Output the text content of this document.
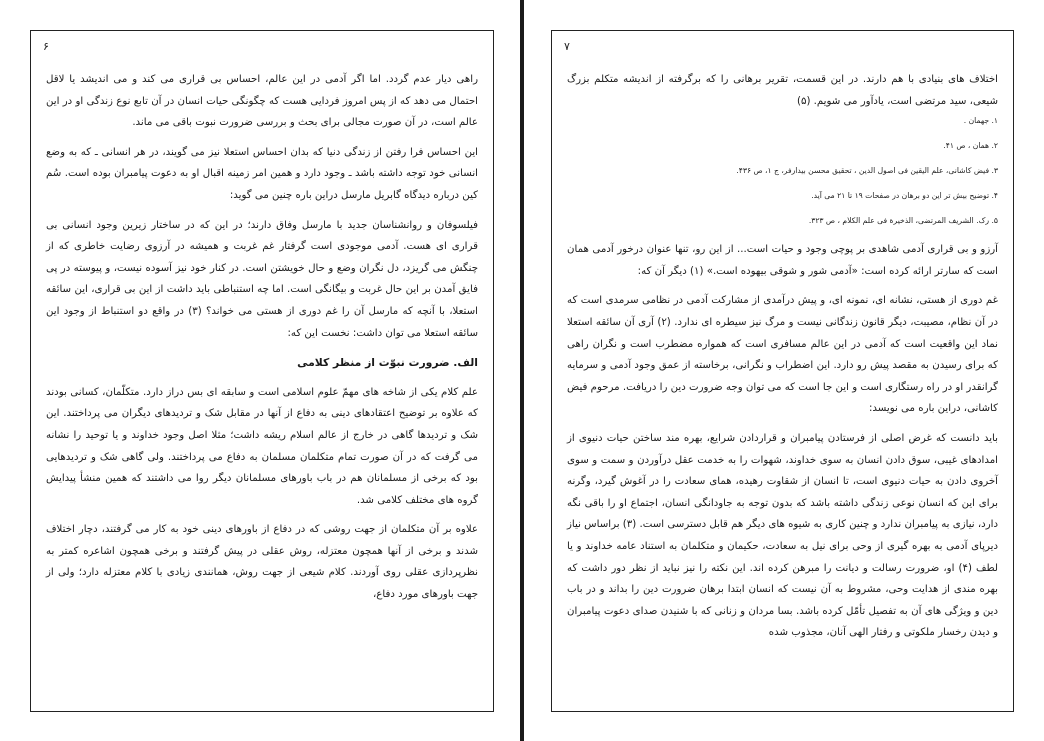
۶

راهی دیار عدم گردد. اما اگر آدمی در این عالم، احساس بی قراری می کند و می اندیشد یا لاقل احتمال می دهد که از پس امروز فردایی هست که چگونگی حیات انسان در آن تابع نوع زندگی او در این عالم است، در آن صورت مجالی برای بحث و بررسی ضرورت نبوت باقی می ماند.

این احساس فرا رفتن از زندگی دنیا که بدان احساس استعلا نیز می گویند، در هر انسانی ـ که به وضع انسانی خود توجه داشته باشد ـ وجود دارد و همین امر زمینه اقبال او به دعوت پیامبران بوده است. سُم کین درباره دیدگاه گابریل مارسل دراین باره چنین می گوید:

فیلسوفان و روانشناسان جدید با مارسل وفاق دارند؛ در این که در ساختار زیرین وجود انسانی بی قراری ای هست. آدمی موجودی است گرفتار غم غربت و همیشه در آرزوی رضایت خاطری که از چنگش می گریزد، دل نگران وضع و حال خویشتن است. در کنار خود نیز آسوده نیست، و پیوسته در پی فایق آمدن بر این حال غربت و بیگانگی است. اما چه استنباطی باید داشت از این بی قراری، این سائقه استعلا، با آنچه که مارسل آن را غم دوری از هستی می خواند؟ (۳) در واقع دو استنباط از وجود این سائقه استعلا می توان داشت: نخست این که:

الف. ضرورت نبوّت از منظر کلامی

علم کلام یکی از شاخه های مهمّ علوم اسلامی است و سابقه ای بس دراز دارد. متکلّمان، کسانی بودند که علاوه بر توضیح اعتقادهای دینی به دفاع از آنها در مقابل شک و تردیدهای دیگران می پرداختند. این شک و تردیدها گاهی در خارج از عالم اسلام ریشه داشت؛ مثلا اصل وجود خداوند و یا توحید را نشانه می گرفت که در آن صورت تمام متکلمان مسلمان به دفاع می پرداختند. ولی گاهی شک و تردیدهایی بود که برخی از مسلمانان هم در باب باورهای مسلمانان دیگر روا می داشتند که همین منشأ پیدایش گروه های مختلف کلامی شد.

علاوه بر آن متکلمان از جهت روشی که در دفاع از باورهای دینی خود به کار می گرفتند، دچار اختلاف شدند و برخی از آنها همچون معتزله، روش عقلی در پیش گرفتند و برخی همچون اشاعره کمتر به نظرپردازی عقلی روی آوردند. کلام شیعی از جهت روش، همانندی زیادی با کلام معتزله دارد؛ ولی از جهت باورهای مورد دفاع،

۷

اختلاف های بنیادی با هم دارند. در این قسمت، تقریر برهانی را که برگرفته از اندیشه متکلم بزرگ شیعی، سید مرتضی است، یادآور می شویم. (۵)

۱. جهمان .

۲. همان ، ص ۴۱.

۳. فیض کاشانی، علم الیقین فی اصول الدین ، تحقیق محسن بیدارفر، ج ۱، ص ۴۳۶.

۴. توضیح بیش تر این دو برهان در صفحات ۱۹ تا ۲۱ می آید.

۵. رک. الشریف المرتضی، الذخیرة فی علم الکلام ، ص ۳۲۳.

آرزو و بی قراری آدمی شاهدی بر پوچی وجود و حیات است... از این رو، تنها عنوان درخور آدمی همان است که سارتر ارائه کرده است: «آدمی شور و شوقی بیهوده است.» (۱) دیگر آن که:

غم دوری از هستی، نشانه ای، نمونه ای، و پیش درآمدی از مشارکت آدمی در نظامی سرمدی است که در آن نظام، مصیبت، دیگر قانون زندگانی نیست و مرگ نیز سیطره ای ندارد. (۲) آری آن سائقه استعلا نماد این واقعیت است که آدمی در این عالم مسافری است که همواره مضطرب است و نگران راهی که برای رسیدن به مقصد پیش رو دارد. این اضطراب و نگرانی، برخاسته از عمق وجود آدمی و سرمایه گرانقدر او در راه رستگاری است و این جا است که می توان وجه ضرورت دین را دریافت. مرحوم فیض کاشانی، دراین باره می نویسد:

باید دانست که غرض اصلی از فرستادن پیامبران و قراردادن شرایع، بهره مند ساختن حیات دنیوی از امدادهای غیبی، سوق دادن انسان به سوی خداوند، شهوات را به خدمت عقل درآوردن و سمت و سوی آخروی دادن به حیات دنیوی است، تا انسان از شقاوت رهیده، همای سعادت را در آغوش گیرد، وگرنه برای این که انسان نوعی زندگی داشته باشد که بدون توجه به جاودانگی انسان، اجتماع او را باقی نگه دارد، نیازی به پیامبران ندارد و چنین کاری به شیوه های دیگر هم قابل دسترسی است. (۳) براساس نیاز دیرپای آدمی به بهره گیری از وحی برای نیل به سعادت، حکیمان و متکلمان به استناد عامه خداوند و یا لطف (۴) او، ضرورت رسالت و دیانت را مبرهن کرده اند. این نکته را نیز نباید از نظر دور داشت که بهره مندی از هدایت وحی، مشروط به آن نیست که انسان ابتدا برهان ضرورت دین را بداند و در باب دین و ویژگی های آن به تفصیل تأمّل کرده باشد. بسا مردان و زنانی که با شنیدن صدای دعوت پیامبران و دیدن رخسار ملکوتی و رفتار الهی آنان، مجذوب شده
